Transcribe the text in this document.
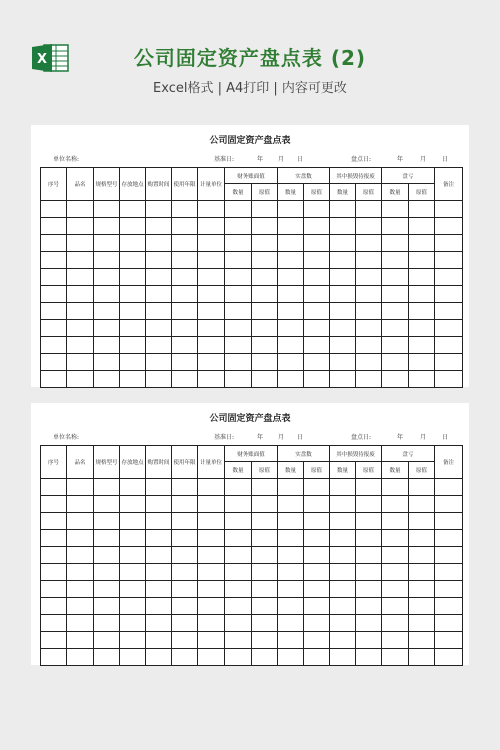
X	公司固定资产盘点表 (2)
Excel格式 | A4打印 | 内容可更改
公司固定资产盘点表
单位名称:	基准日:	年 月 日	盘点日:	年	月	日
序号	品名	规格型号	存放地点	购置时间	使用年限	计量单位	财务账面值		实盘数		其中损毁待报废		盘亏		备注
							数量	原值	数量	原值	数量	原值	数量	原值	

公司固定资产盘点表
单位名称:	基准日:	年 月 日	盘点日:	年	月	日
序号	品名	规格型号	存放地点	购置时间	使用年限	计量单位	财务账面值		实盘数		其中损毁待报废		盘亏		备注
							数量	原值	数量	原值	数量	原值	数量	原值	
